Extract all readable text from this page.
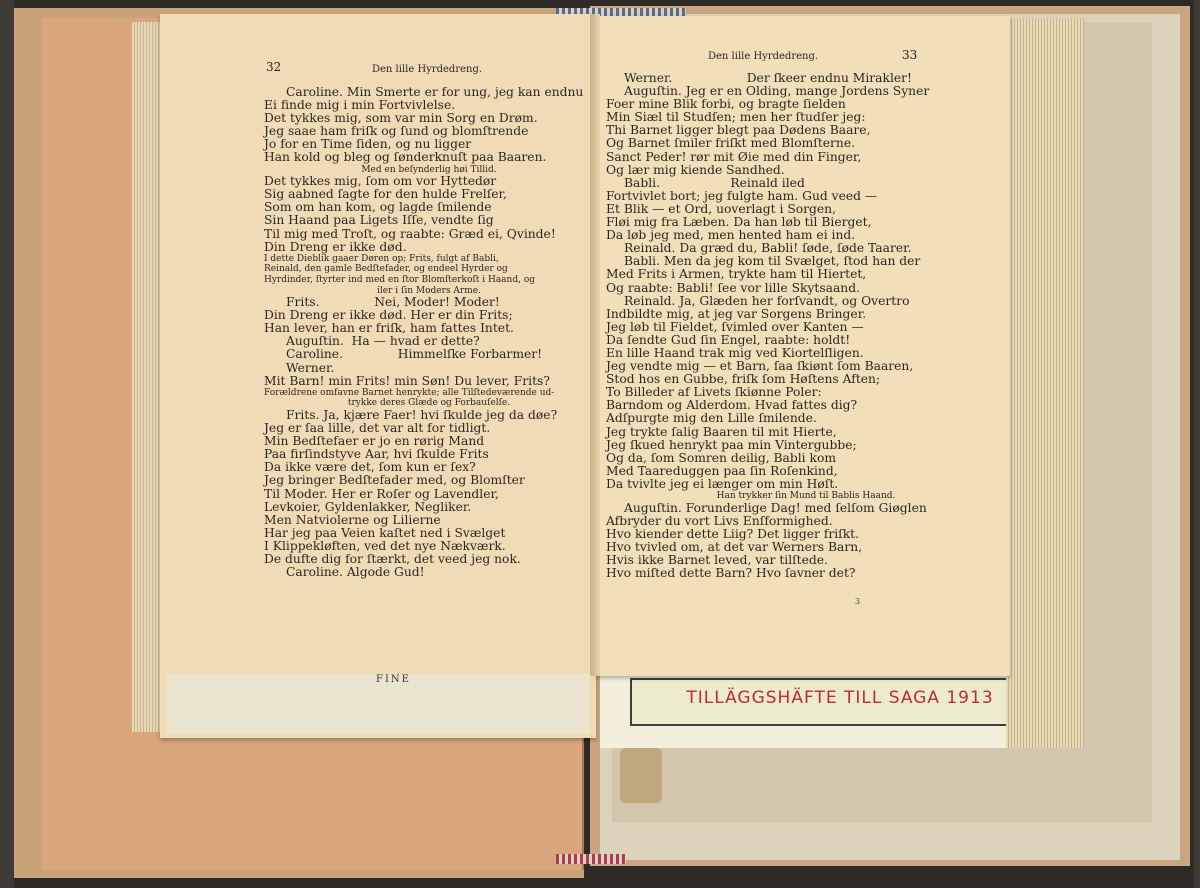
TILLÄGGSHÄFTE TILL SAGA 1913
32	Den lille Hyrdedreng.
33
Den lille Hyrdedreng.
Caroline. Min Smerte er for ung, jeg kan endnu
Ei finde mig i min Fortvivlelse.
Det tykkes mig, som var min Sorg en Drøm.
Jeg saae ham friſk og ſund og blomſtrende
Jo for en Time ſiden, og nu ligger
Han kold og bleg og ſønderknuſt paa Baaren.
Med en beſynderlig høi Tillid.
Det tykkes mig, ſom om vor Hyttedør
Sig aabned ſagte for den hulde Frelſer,
Som om han kom, og lagde ſmilende
Sin Haand paa Ligets Iſſe, vendte ſig
Til mig med Troſt, og raabte: Græd ei, Qvinde!
Din Dreng er ikke død.
I dette Dieblik gaaer Døren op; Frits, fulgt af Babli,
Reinald, den gamle Bedſtefader, og endeel Hyrder og
Hyrdinder, ſtyrter ind med en ſtor Blomſterkoſt i Haand, og
iler i ſin Moders Arme.
Frits.              Nei, Moder! Moder!
Din Dreng er ikke død. Her er din Frits;
Han lever, han er friſk, ham fattes Intet.
Auguſtin.  Ha — hvad er dette?
Caroline.              Himmelſke Forbarmer!
Werner.
Mit Barn! min Frits! min Søn! Du lever, Frits?
Forældrene omfavne Barnet henrykte; alle Tilſtedeværende ud-
trykke deres Glæde og Forbauſelſe.
Frits. Ja, kjære Faer! hvi ſkulde jeg da døe?
Jeg er ſaa lille, det var alt for tidligt.
Min Bedſtefaer er jo en rørig Mand
Paa firſindstyve Aar, hvi ſkulde Frits
Da ikke være det, ſom kun er ſex?
Jeg bringer Bedſtefader med, og Blomſter
Til Moder. Her er Roſer og Lavendler,
Levkoier, Gyldenlakker, Negliker.
Men Natviolerne og Lilierne
Har jeg paa Veien kaſtet ned i Svælget
I Klippekløften, ved det nye Nækværk.
De dufte dig for ſtærkt, det veed jeg nok.
Caroline. Algode Gud!
Werner.                   Der ſkeer endnu Mirakler!
Auguſtin. Jeg er en Olding, mange Jordens Syner
Foer mine Blik forbi, og bragte ſielden
Min Siæl til Studſen; men her ſtudſer jeg:
Thi Barnet ligger blegt paa Dødens Baare,
Og Barnet ſmiler friſkt med Blomſterne.
Sanct Peder! rør mit Øie med din Finger,
Og lær mig kiende Sandhed.
Babli.                  Reinald iled
Fortvivlet bort; jeg fulgte ham. Gud veed —
Et Blik — et Ord, uoverlagt i Sorgen,
Fløi mig fra Læben. Da han løb til Bierget,
Da løb jeg med, men hented ham ei ind.
Reinald. Da græd du, Babli! ſøde, ſøde Taarer.
Babli. Men da jeg kom til Svælget, ſtod han der
Med Frits i Armen, trykte ham til Hiertet,
Og raabte: Babli! ſee vor lille Skytsaand.
Reinald. Ja, Glæden her forſvandt, og Overtro
Indbildte mig, at jeg var Sorgens Bringer.
Jeg løb til Fieldet, ſvimled over Kanten —
Da ſendte Gud ſin Engel, raabte: holdt!
En lille Haand trak mig ved Kiortelſligen.
Jeg vendte mig — et Barn, ſaa ſkiønt ſom Baaren,
Stod hos en Gubbe, friſk ſom Høſtens Aften;
To Billeder af Livets ſkiønne Poler:
Barndom og Alderdom. Hvad fattes dig?
Adſpurgte mig den Lille ſmilende.
Jeg trykte ſalig Baaren til mit Hierte,
Jeg ſkued henrykt paa min Vintergubbe;
Og da, ſom Somren deilig, Babli kom
Med Taareduggen paa ſin Roſenkind,
Da tvivlte jeg ei længer om min Høſt.
Han trykker ſin Mund til Bablis Haand.
Auguſtin. Forunderlige Dag! med ſelſom Giøglen
Afbryder du vort Livs Enſformighed.
Hvo kiender dette Liig? Det ligger friſkt.
Hvo tvivled om, at det var Werners Barn,
Hvis ikke Barnet leved, var tilſtede.
Hvo miſted dette Barn? Hvo ſavner det?
3
FINE
